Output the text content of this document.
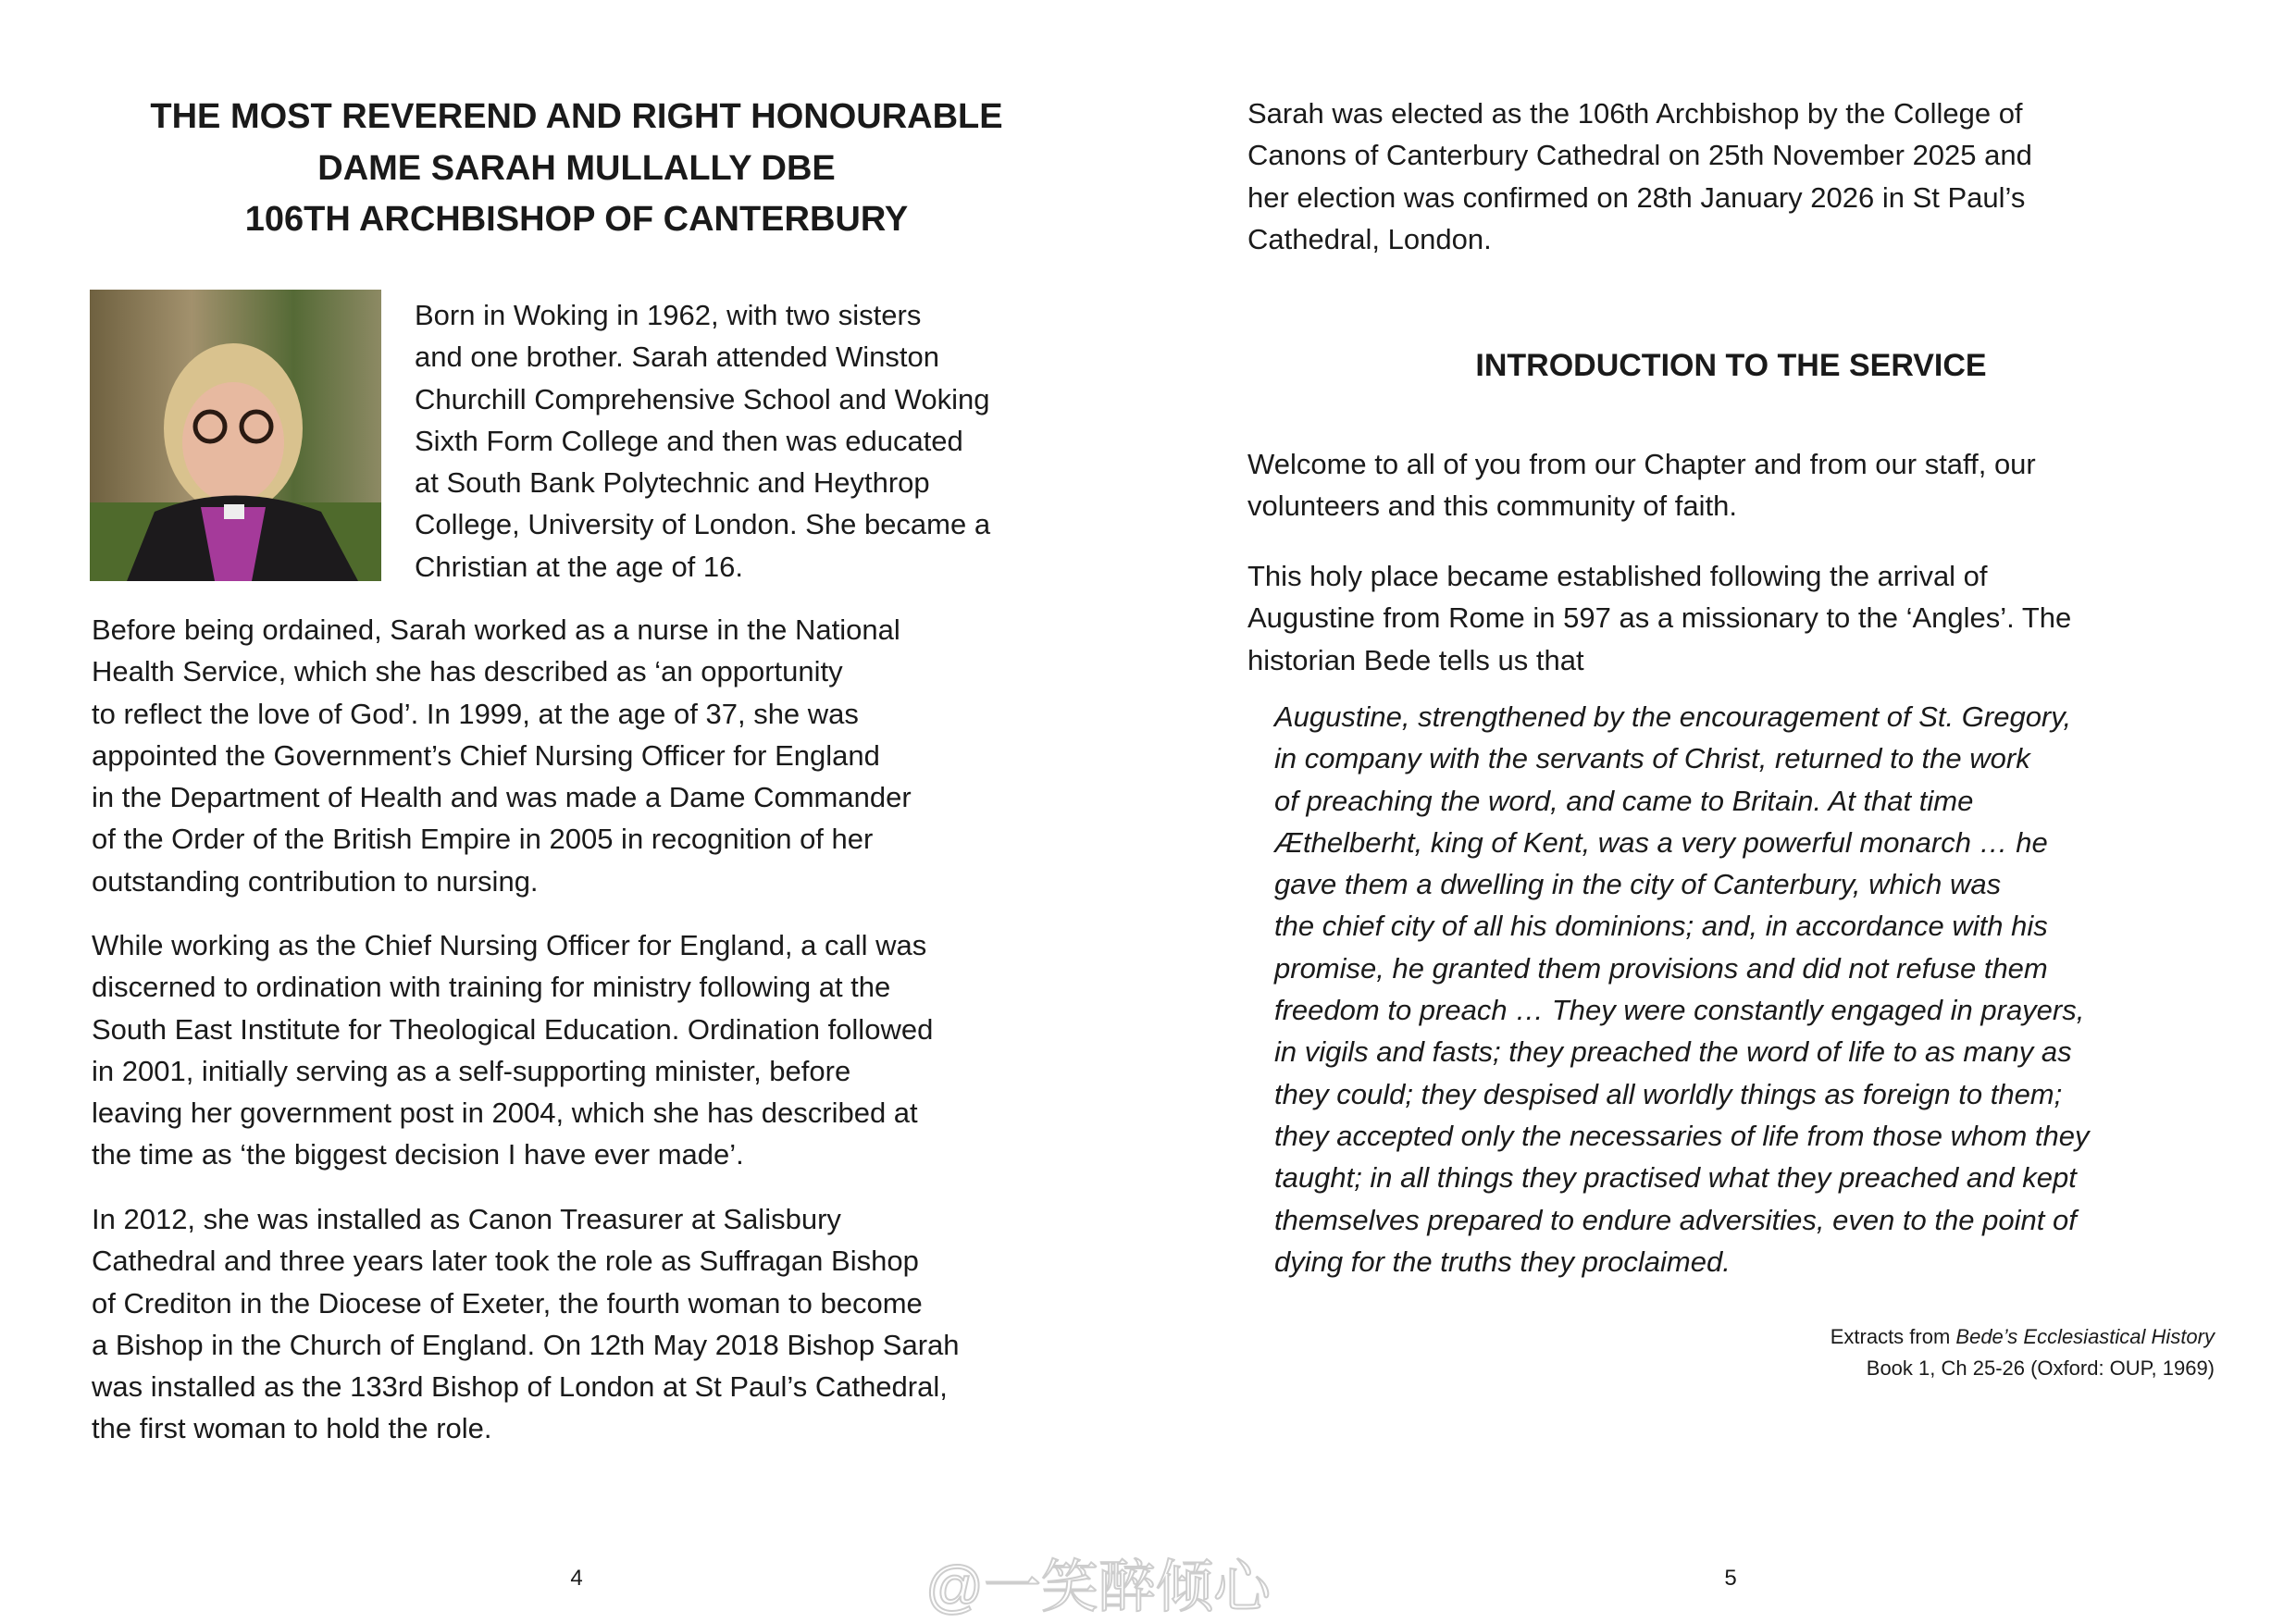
THE MOST REVEREND AND RIGHT HONOURABLE
DAME SARAH MULLALLY DBE
106TH ARCHBISHOP OF CANTERBURY
Born in Woking in 1962, with two sisters
and one brother. Sarah attended Winston
Churchill Comprehensive School and Woking
Sixth Form College and then was educated
at South Bank Polytechnic and Heythrop
College, University of London. She became a
Christian at the age of 16.
Before being ordained, Sarah worked as a nurse in the National
Health Service, which she has described as ‘an opportunity
to reflect the love of God’. In 1999, at the age of 37, she was
appointed the Government’s Chief Nursing Officer for England
in the Department of Health and was made a Dame Commander
of the Order of the British Empire in 2005 in recognition of her
outstanding contribution to nursing.
While working as the Chief Nursing Officer for England, a call was
discerned to ordination with training for ministry following at the
South East Institute for Theological Education. Ordination followed
in 2001, initially serving as a self-supporting minister, before
leaving her government post in 2004, which she has described at
the time as ‘the biggest decision I have ever made’.
In 2012, she was installed as Canon Treasurer at Salisbury
Cathedral and three years later took the role as Suffragan Bishop
of Crediton in the Diocese of Exeter, the fourth woman to become
a Bishop in the Church of England. On 12th May 2018 Bishop Sarah
was installed as the 133rd Bishop of London at St Paul’s Cathedral,
the first woman to hold the role.
4
Sarah was elected as the 106th Archbishop by the College of
Canons of Canterbury Cathedral on 25th November 2025 and
her election was confirmed on 28th January 2026 in St Paul’s
Cathedral, London.
INTRODUCTION TO THE SERVICE
Welcome to all of you from our Chapter and from our staff, our
volunteers and this community of faith.
This holy place became established following the arrival of
Augustine from Rome in 597 as a missionary to the ‘Angles’. The
historian Bede tells us that
Augustine, strengthened by the encouragement of St. Gregory,
in company with the servants of Christ, returned to the work
of preaching the word, and came to Britain. At that time
Æthelberht, king of Kent, was a very powerful monarch … he
gave them a dwelling in the city of Canterbury, which was
the chief city of all his dominions; and, in accordance with his
promise, he granted them provisions and did not refuse them
freedom to preach … They were constantly engaged in prayers,
in vigils and fasts; they preached the word of life to as many as
they could; they despised all worldly things as foreign to them;
they accepted only the necessaries of life from those whom they
taught; in all things they practised what they preached and kept
themselves prepared to endure adversities, even to the point of
dying for the truths they proclaimed.
Extracts from Bede’s Ecclesiastical History
Book 1, Ch 25-26 (Oxford: OUP, 1969)
5
@一笑醉倾心
